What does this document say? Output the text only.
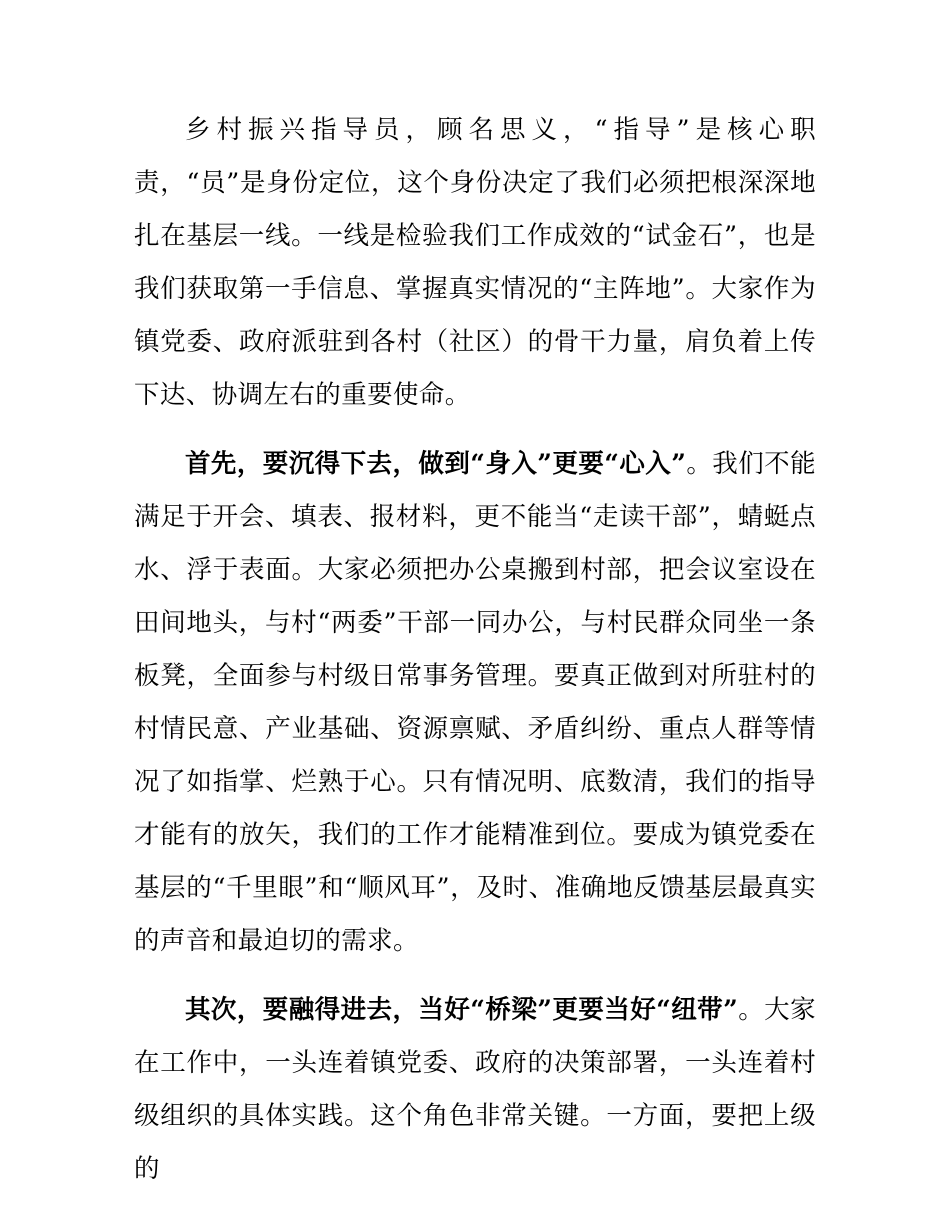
乡村振兴指导员，顾名思义，“指导”是核心职责，“员”是身份定位，这个身份决定了我们必须把根深深地扎在基层一线。一线是检验我们工作成效的“试金石”，也是我们获取第一手信息、掌握真实情况的“主阵地”。大家作为镇党委、政府派驻到各村（社区）的骨干力量，肩负着上传下达、协调左右的重要使命。

首先，要沉得下去，做到“身入”更要“心入”。我们不能满足于开会、填表、报材料，更不能当“走读干部”，蜻蜓点水、浮于表面。大家必须把办公桌搬到村部，把会议室设在田间地头，与村“两委”干部一同办公，与村民群众同坐一条板凳，全面参与村级日常事务管理。要真正做到对所驻村的村情民意、产业基础、资源禀赋、矛盾纠纷、重点人群等情况了如指掌、烂熟于心。只有情况明、底数清，我们的指导才能有的放矢，我们的工作才能精准到位。要成为镇党委在基层的“千里眼”和“顺风耳”，及时、准确地反馈基层最真实的声音和最迫切的需求。

其次，要融得进去，当好“桥梁”更要当好“纽带”。大家在工作中，一头连着镇党委、政府的决策部署，一头连着村级组织的具体实践。这个角色非常关键。一方面，要把上级的
